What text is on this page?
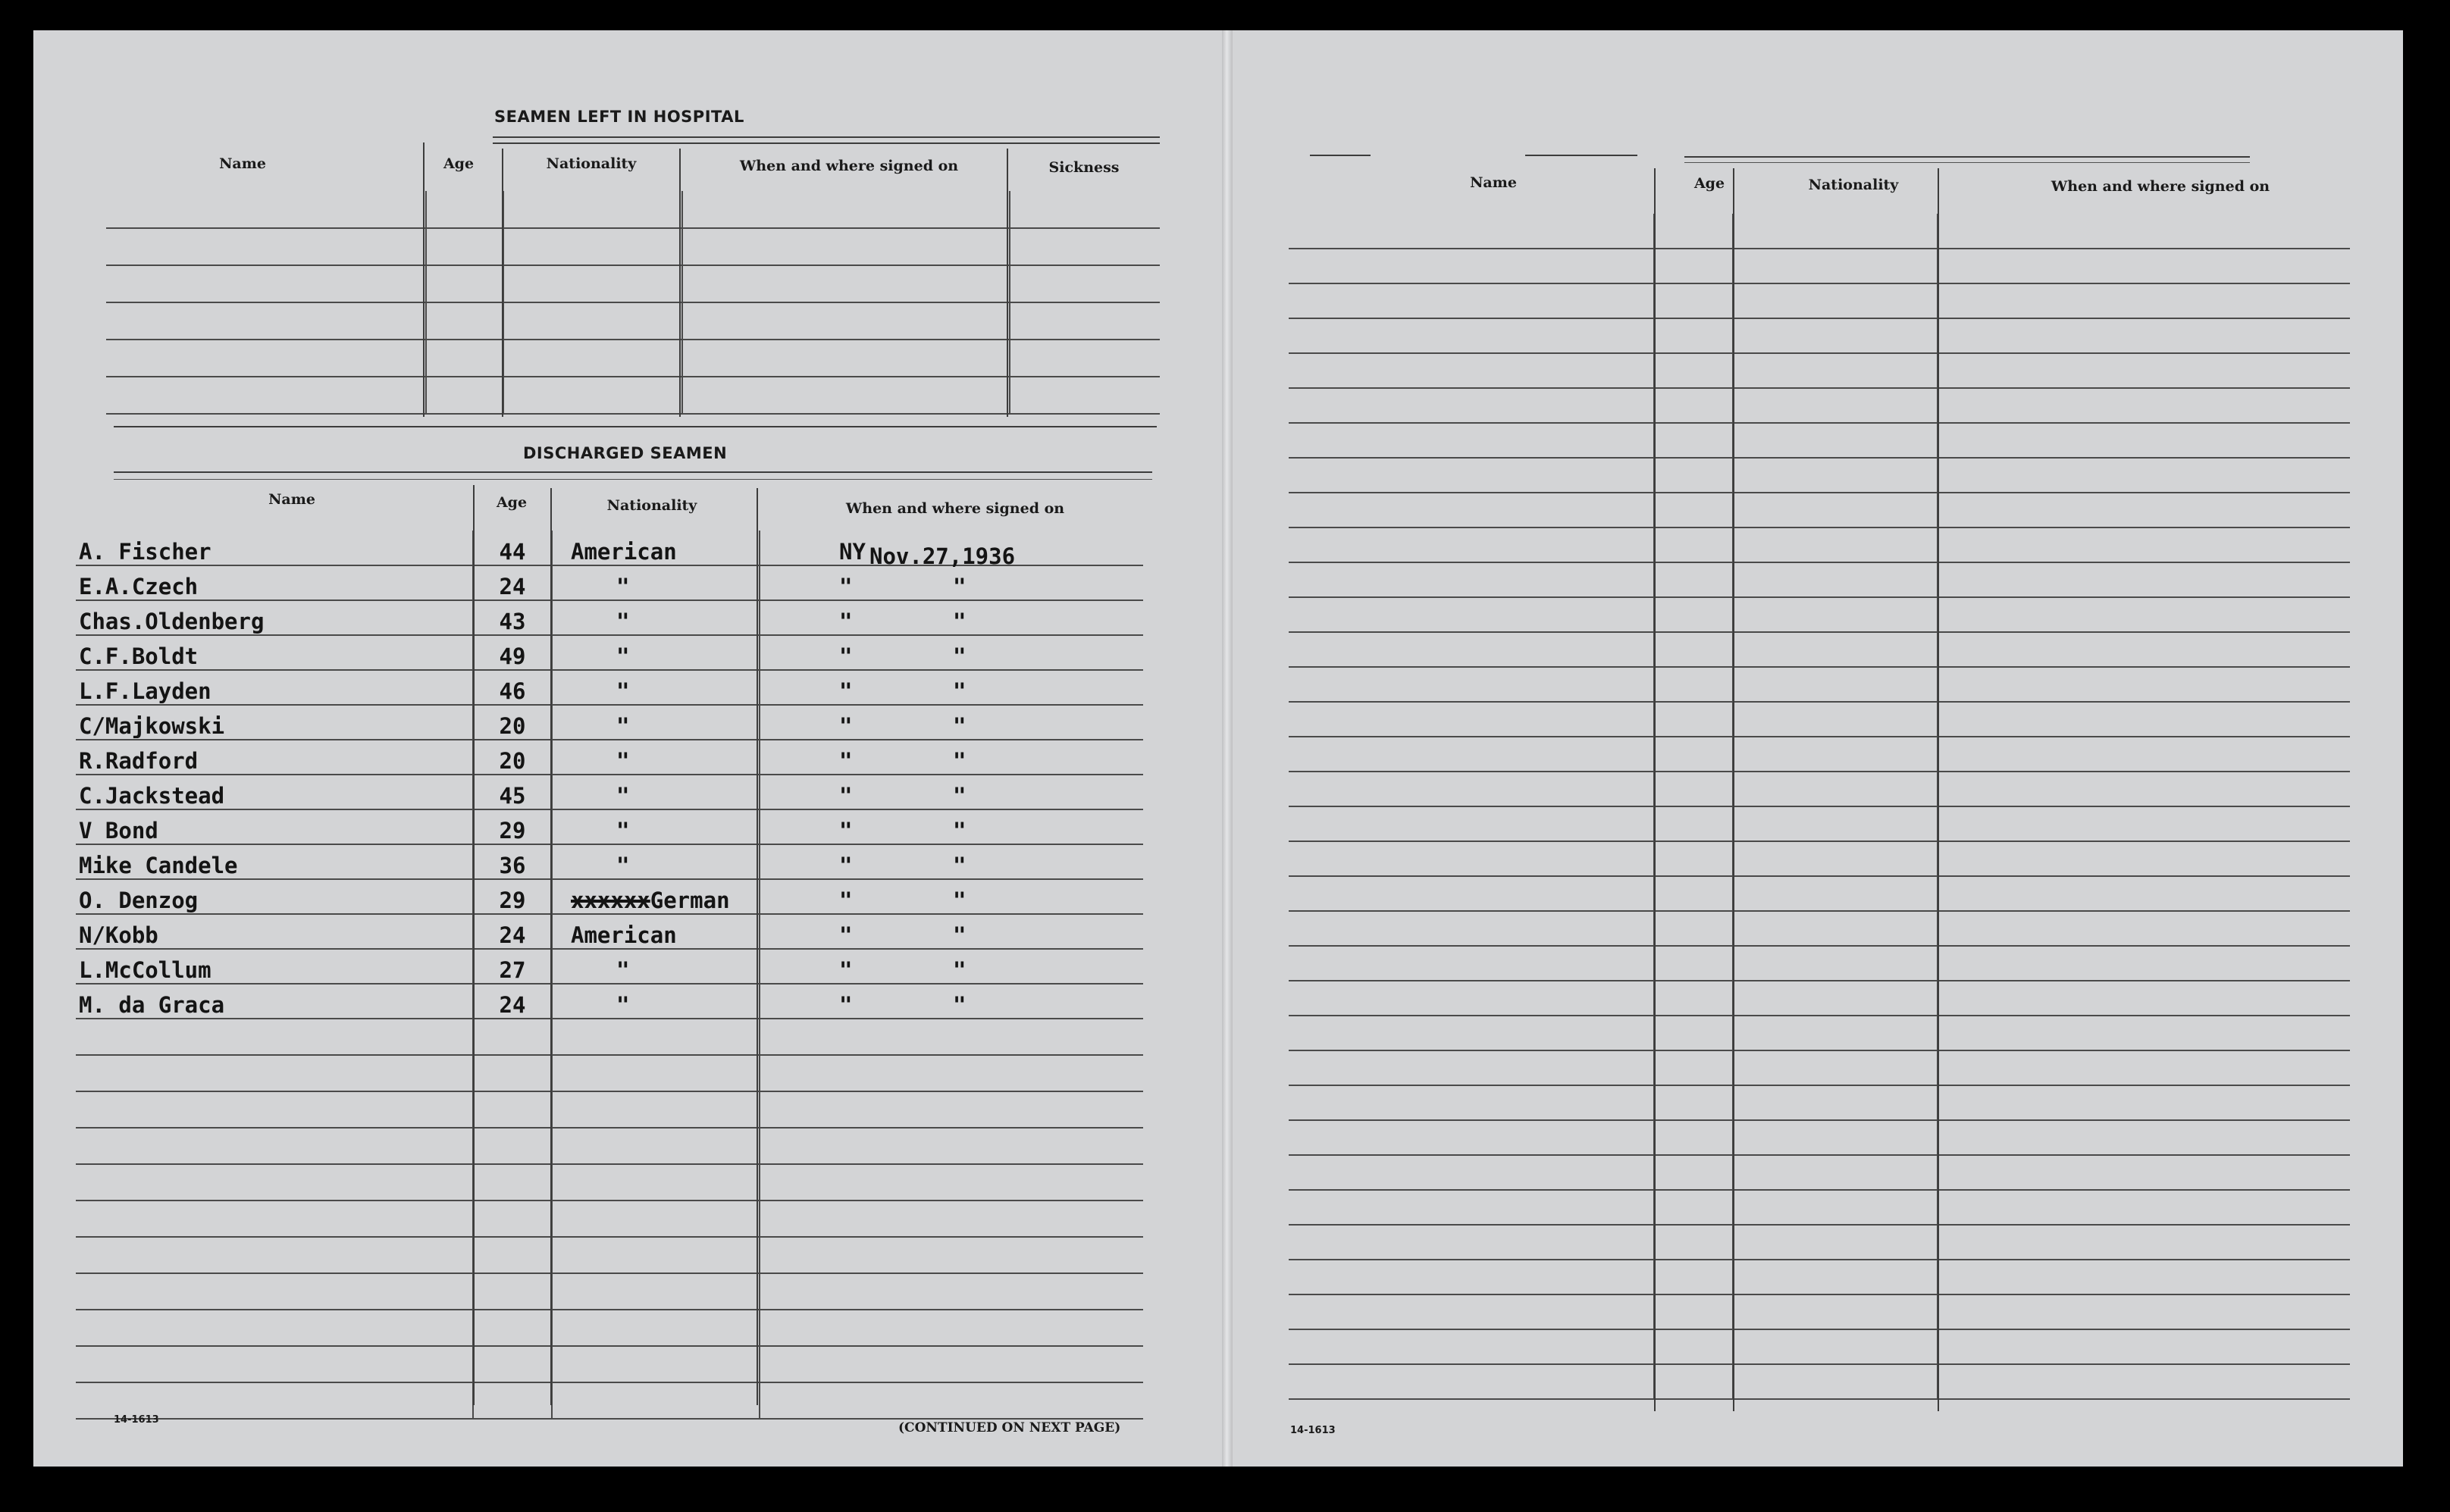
SEAMEN LEFT IN HOSPITAL
Name	Age	Nationality	When and where signed on	Sickness

DISCHARGED SEAMEN
Name	Age	Nationality	When and where signed on
A. Fischer	44	American	NY Nov.27,1936
E.A.Czech	24	"	" "
Chas.Oldenberg	43	"	" "
C.F.Boldt	49	"	" "
L.F.Layden	46	"	" "
C/Majkowski	20	"	" "
R.Radford	20	"	" "
C.Jackstead	45	"	" "
V Bond	29	"	" "
Mike Candele	36	"	" "
O. Denzog	29	xxxxxxGerman	" "
N/Kobb	24	American	" "
L.McCollum	27	"	" "
M. da Graca	24	"	" "

14-1613
(CONTINUED ON NEXT PAGE)
Name	Age	Nationality	When and where signed on

14-1613
